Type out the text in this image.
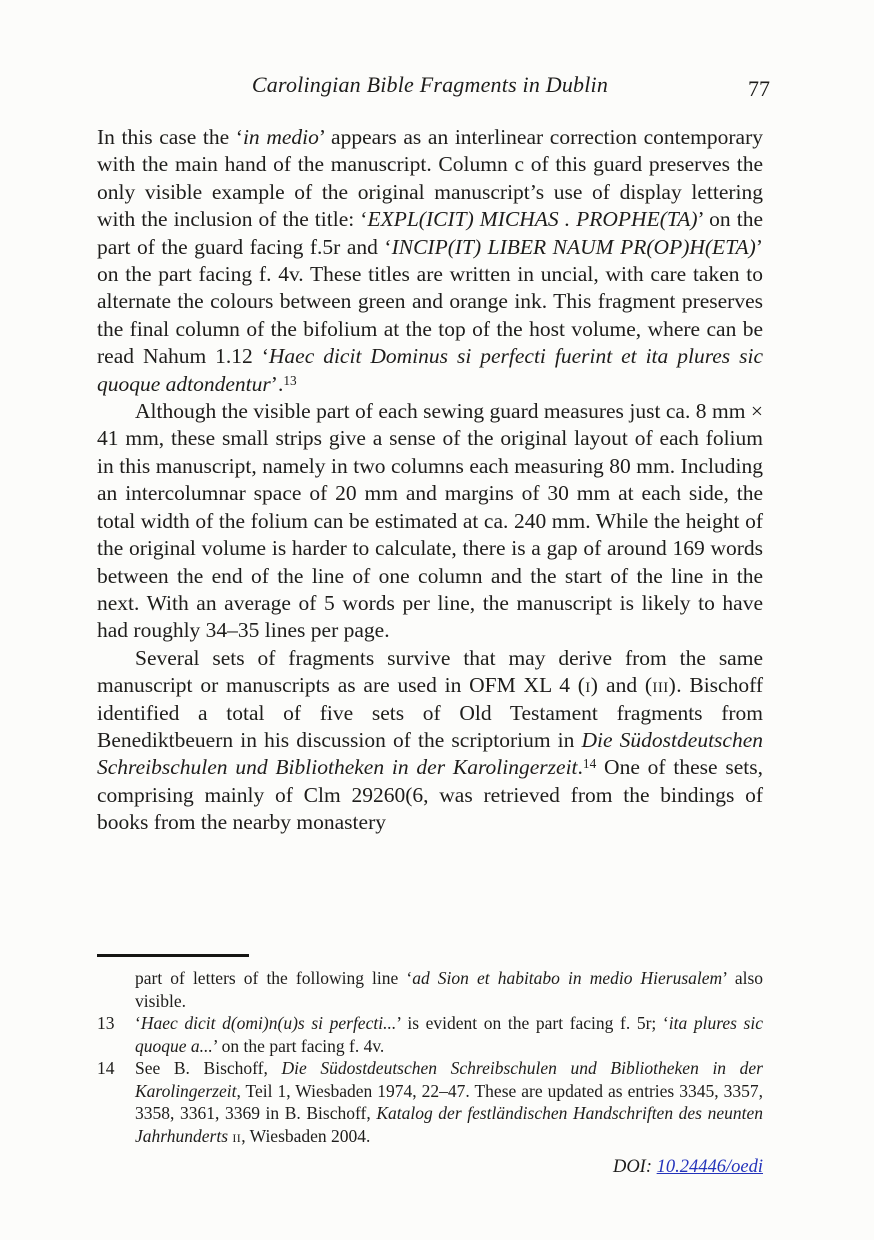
Carolingian Bible Fragments in Dublin	77

In this case the ‘in medio’ appears as an interlinear correction contemporary with the main hand of the manuscript. Column c of this guard preserves the only visible example of the original manuscript’s use of display lettering with the inclusion of the title: ‘EXPL(ICIT) MICHAS . PROPHE(TA)’ on the part of the guard facing f.5r and ‘INCIP(IT) LIBER NAUM PR(OP)H(ETA)’ on the part facing f. 4v. These titles are written in uncial, with care taken to alternate the colours between green and orange ink. This fragment preserves the final column of the bifolium at the top of the host volume, where can be read Nahum 1.12 ‘Haec dicit Dominus si perfecti fuerint et ita plures sic quoque adtondentur’.$^{13}$

Although the visible part of each sewing guard measures just ca. 8 mm × 41 mm, these small strips give a sense of the original layout of each folium in this manuscript, namely in two columns each measuring 80 mm. Including an intercolumnar space of 20 mm and margins of 30 mm at each side, the total width of the folium can be estimated at ca. 240 mm. While the height of the original volume is harder to calculate, there is a gap of around 169 words between the end of the line of one column and the start of the line in the next. With an average of 5 words per line, the manuscript is likely to have had roughly 34–35 lines per page.

Several sets of fragments survive that may derive from the same manuscript or manuscripts as are used in OFM XL 4 (i) and (iii). Bischoff identified a total of five sets of Old Testament fragments from Benediktbeuern in his discussion of the scriptorium in Die Südostdeutschen Schreibschulen und Bibliotheken in der Karolingerzeit.$^{14}$ One of these sets, comprising mainly of Clm 29260(6, was retrieved from the bindings of books from the nearby monastery

part of letters of the following line ‘ad Sion et habitabo in medio Hierusalem’ also visible.
13	‘Haec dicit d(omi)n(u)s si perfecti...’ is evident on the part facing f. 5r; ‘ita plures sic quoque a...’ on the part facing f. 4v.
14	See B. Bischoff, Die Südostdeutschen Schreibschulen und Bibliotheken in der Karolingerzeit, Teil 1, Wiesbaden 1974, 22–47. These are updated as entries 3345, 3357, 3358, 3361, 3369 in B. Bischoff, Katalog der festländischen Handschriften des neunten Jahrhunderts ii, Wiesbaden 2004.
DOI: 10.24446/oedi
